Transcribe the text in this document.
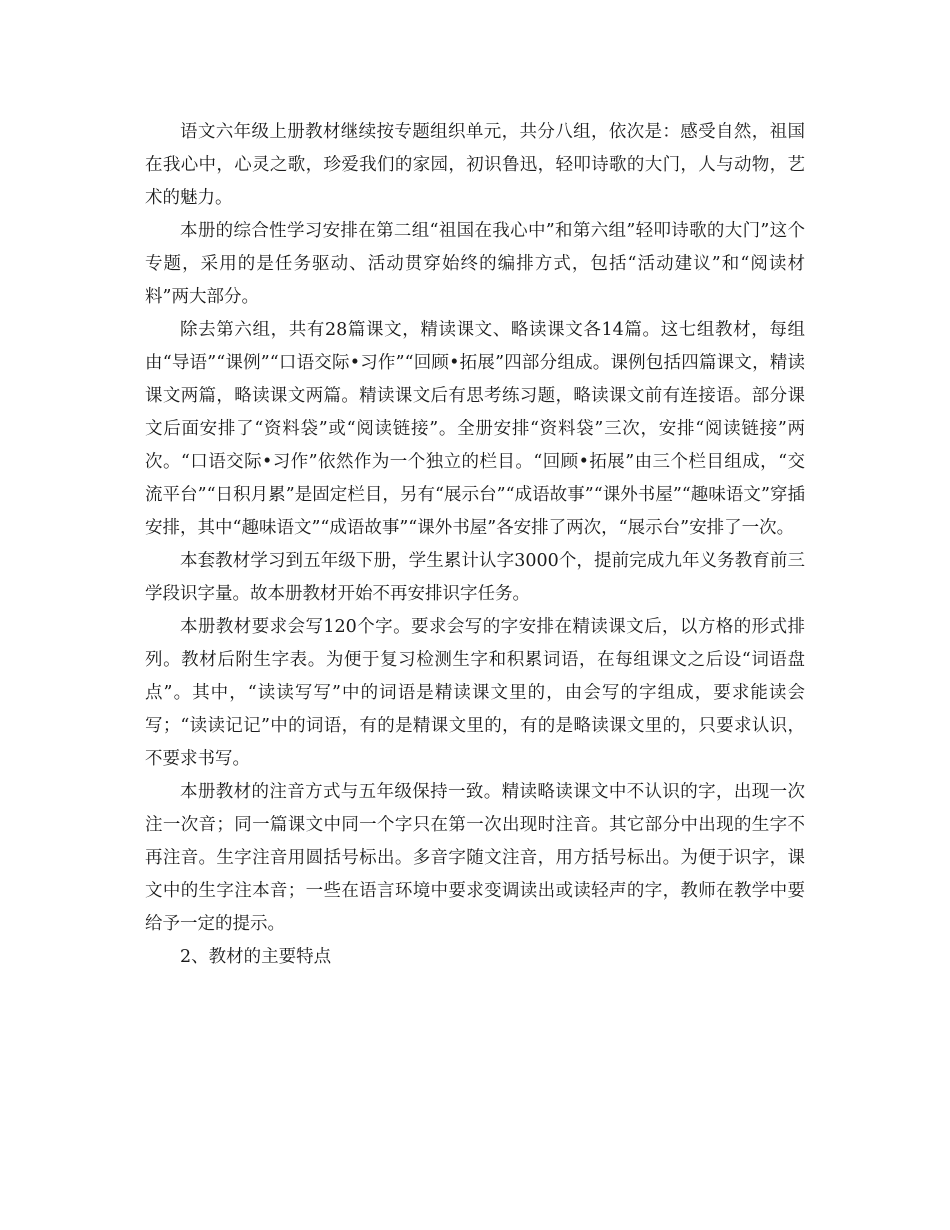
语文六年级上册教材继续按专题组织单元，共分八组，依次是：感受自然，祖国在我心中，心灵之歌，珍爱我们的家园，初识鲁迅，轻叩诗歌的大门，人与动物，艺术的魅力。

本册的综合性学习安排在第二组“祖国在我心中”和第六组”轻叩诗歌的大门”这个专题，采用的是任务驱动、活动贯穿始终的编排方式，包括“活动建议”和“阅读材料”两大部分。

除去第六组，共有28篇课文，精读课文、略读课文各14篇。这七组教材，每组由“导语”“课例”“口语交际•习作”“回顾•拓展”四部分组成。课例包括四篇课文，精读课文两篇，略读课文两篇。精读课文后有思考练习题，略读课文前有连接语。部分课文后面安排了“资料袋”或“阅读链接”。全册安排“资料袋”三次，安排“阅读链接”两次。“口语交际•习作”依然作为一个独立的栏目。“回顾•拓展”由三个栏目组成，“交流平台”“日积月累”是固定栏目，另有“展示台”“成语故事”“课外书屋”“趣味语文”穿插安排，其中“趣味语文”“成语故事”“课外书屋”各安排了两次，“展示台”安排了一次。

本套教材学习到五年级下册，学生累计认字3000个，提前完成九年义务教育前三学段识字量。故本册教材开始不再安排识字任务。

本册教材要求会写120个字。要求会写的字安排在精读课文后，以方格的形式排列。教材后附生字表。为便于复习检测生字和积累词语，在每组课文之后设“词语盘点”。其中，“读读写写”中的词语是精读课文里的，由会写的字组成，要求能读会写；“读读记记”中的词语，有的是精课文里的，有的是略读课文里的，只要求认识，不要求书写。

本册教材的注音方式与五年级保持一致。精读略读课文中不认识的字，出现一次注一次音；同一篇课文中同一个字只在第一次出现时注音。其它部分中出现的生字不再注音。生字注音用圆括号标出。多音字随文注音，用方括号标出。为便于识字，课文中的生字注本音；一些在语言环境中要求变调读出或读轻声的字，教师在教学中要给予一定的提示。

2、教材的主要特点
